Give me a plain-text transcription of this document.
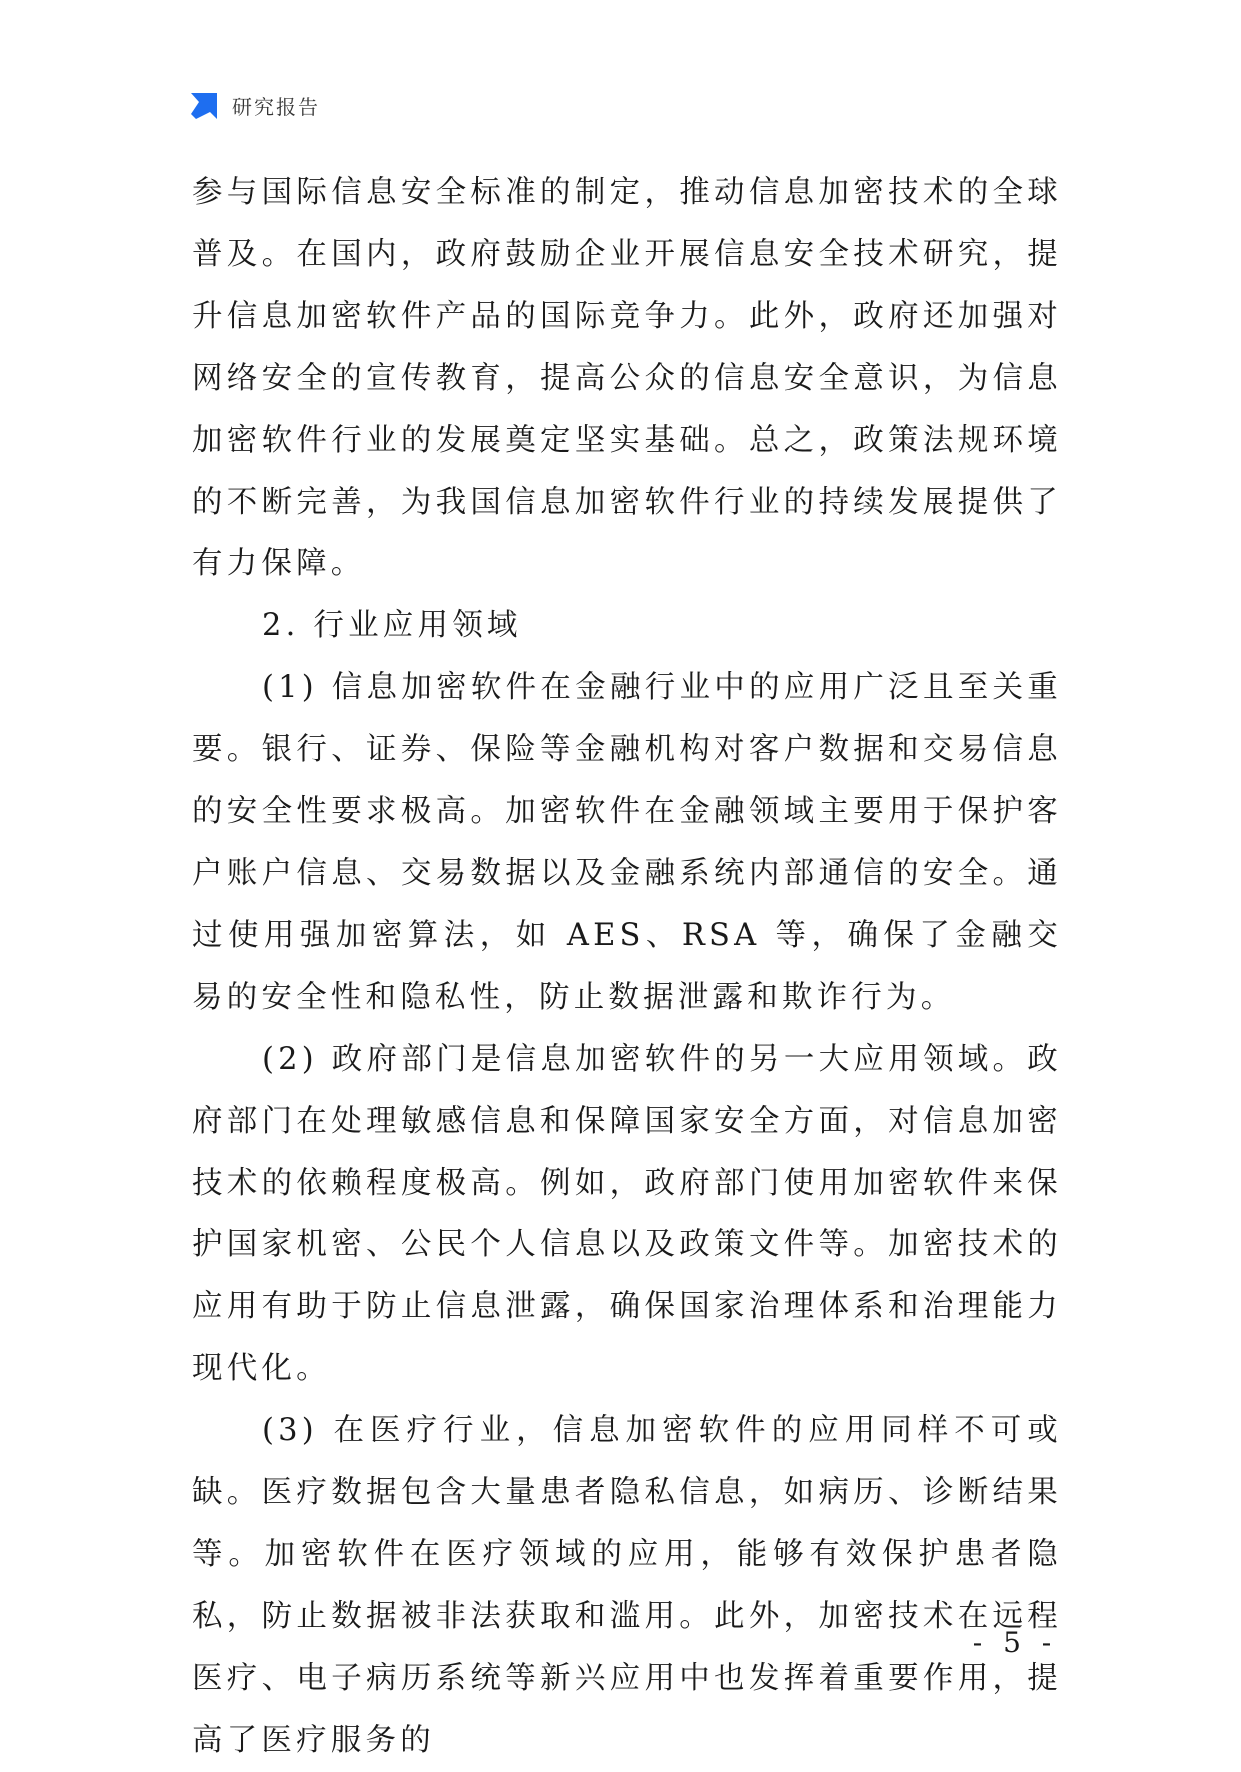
研究报告

参与国际信息安全标准的制定，推动信息加密技术的全球普及。在国内，政府鼓励企业开展信息安全技术研究，提升信息加密软件产品的国际竞争力。此外，政府还加强对网络安全的宣传教育，提高公众的信息安全意识，为信息加密软件行业的发展奠定坚实基础。总之，政策法规环境的不断完善，为我国信息加密软件行业的持续发展提供了有力保障。

2. 行业应用领域

(1) 信息加密软件在金融行业中的应用广泛且至关重要。银行、证券、保险等金融机构对客户数据和交易信息的安全性要求极高。加密软件在金融领域主要用于保护客户账户信息、交易数据以及金融系统内部通信的安全。通过使用强加密算法，如 AES、RSA 等，确保了金融交易的安全性和隐私性，防止数据泄露和欺诈行为。

(2) 政府部门是信息加密软件的另一大应用领域。政府部门在处理敏感信息和保障国家安全方面，对信息加密技术的依赖程度极高。例如，政府部门使用加密软件来保护国家机密、公民个人信息以及政策文件等。加密技术的应用有助于防止信息泄露，确保国家治理体系和治理能力现代化。

(3) 在医疗行业，信息加密软件的应用同样不可或缺。医疗数据包含大量患者隐私信息，如病历、诊断结果等。加密软件在医疗领域的应用，能够有效保护患者隐私，防止数据被非法获取和滥用。此外，加密技术在远程医疗、电子病历系统等新兴应用中也发挥着重要作用，提高了医疗服务的

- 5 -
